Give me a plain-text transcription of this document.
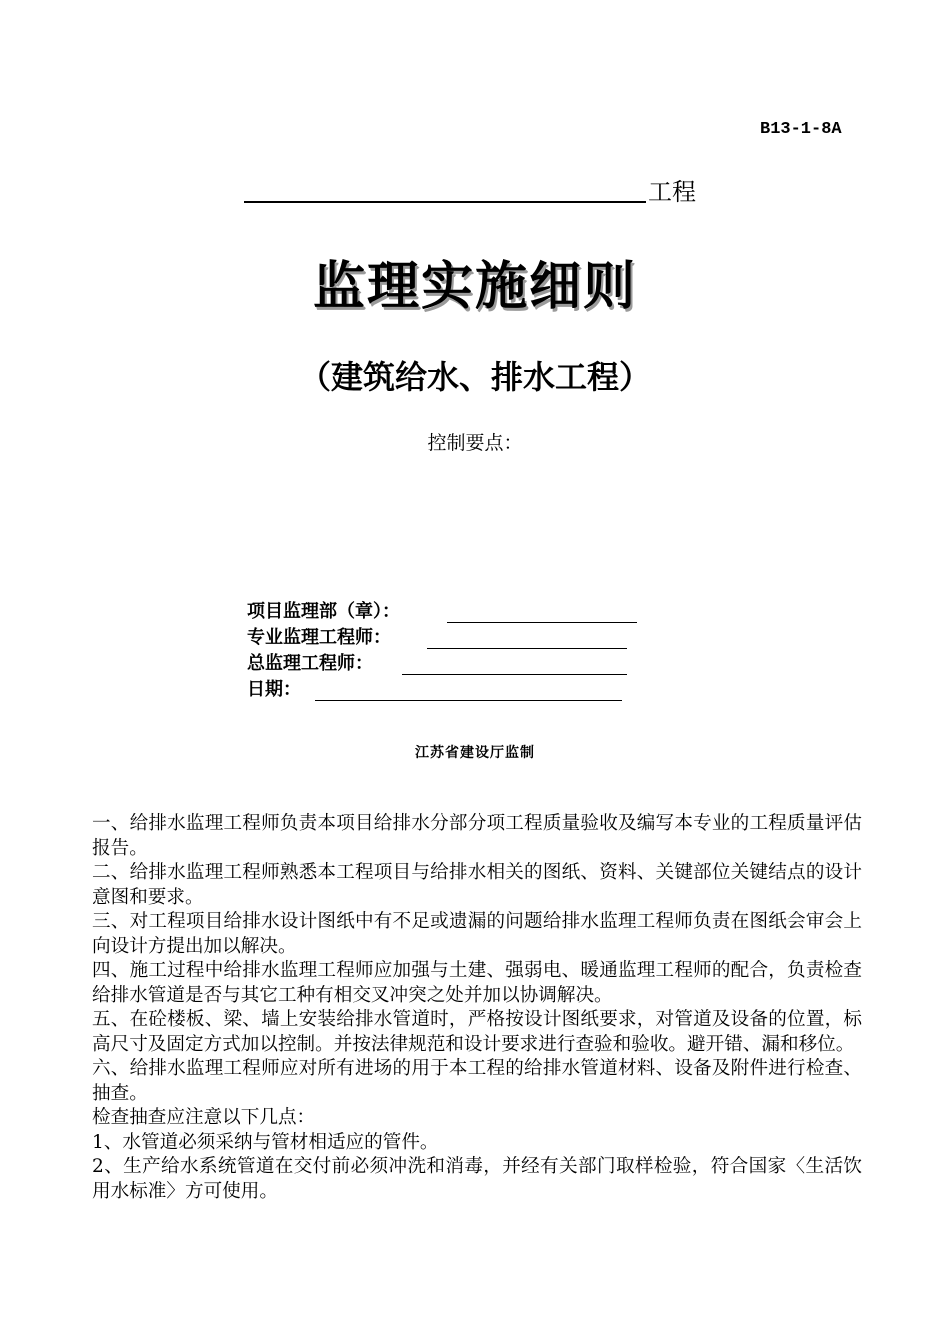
B13-1-8A
工程
监理实施细则
（建筑给水、排水工程）
控制要点：
项目监理部（章）：
专业监理工程师：
总监理工程师：
日期：
江苏省建设厅监制

一、给排水监理工程师负责本项目给排水分部分项工程质量验收及编写本专业的工程质量评估报告。

二、给排水监理工程师熟悉本工程项目与给排水相关的图纸、资料、关键部位关键结点的设计意图和要求。

三、对工程项目给排水设计图纸中有不足或遗漏的问题给排水监理工程师负责在图纸会审会上向设计方提出加以解决。

四、施工过程中给排水监理工程师应加强与土建、强弱电、暖通监理工程师的配合，负责检查给排水管道是否与其它工种有相交叉冲突之处并加以协调解决。

五、在砼楼板、梁、墙上安装给排水管道时，严格按设计图纸要求，对管道及设备的位置，标高尺寸及固定方式加以控制。并按法律规范和设计要求进行查验和验收。避开错、漏和移位。

六、给排水监理工程师应对所有进场的用于本工程的给排水管道材料、设备及附件进行检查、抽查。

检查抽查应注意以下几点：

1、水管道必须采纳与管材相适应的管件。

2、生产给水系统管道在交付前必须冲洗和消毒，并经有关部门取样检验，符合国家〈生活饮用水标准〉方可使用。
